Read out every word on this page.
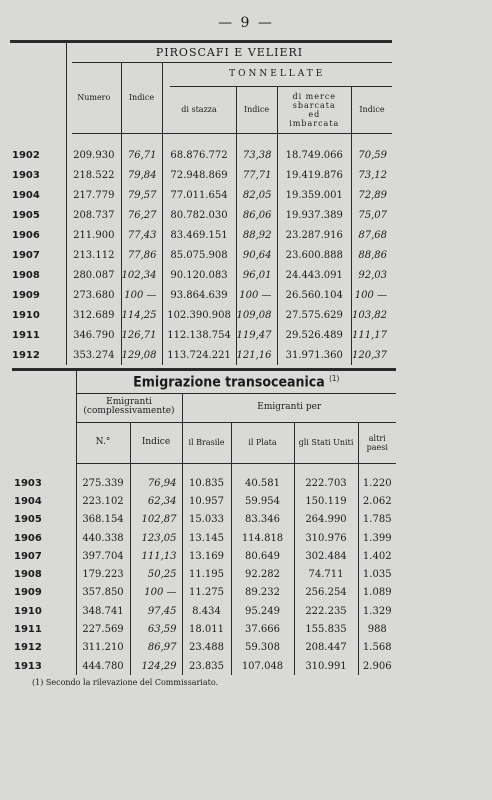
— 9 —
	PIROSCAFI E VELIERI					
	Numero	Indice	TONNELLATE			
			di stazza	Indice	di merce sbarcata ed imbarcata	Indice

1902	209.930	76,71	68.876.772	73,38	18.749.066	70,59
1903	218.522	79,84	72.948.869	77,71	19.419.876	73,12
1904	217.779	79,57	77.011.654	82,05	19.359.001	72,89
1905	208.737	76,27	80.782.030	86,06	19.937.389	75,07
1906	211.900	77,43	83.469.151	88,92	23.287.916	87,68
1907	213.112	77,86	85.075.908	90,64	23.600.888	88,86
1908	280.087	102,34	90.120.083	96,01	24.443.091	92,03
1909	273.680	100 —	93.864.639	100 —	26.560.104	100 —
1910	312.689	114,25	102.390.908	109,08	27.575.629	103,82
1911	346.790	126,71	112.138.754	119,47	29.526.489	111,17
1912	353.274	129,08	113.724.221	121,16	31.971.360	120,37
	Emigrazione transoceanica $^{(1)}$
	Emigranti (complessivamente)		Emigranti per			
	N.°	Indice	il Brasile	il Plata	gli Stati Uniti	altri paesi

1903	275.339	76,94	10.835	40.581	222.703	1.220
1904	223.102	62,34	10.957	59.954	150.119	2.062
1905	368.154	102,87	15.033	83.346	264.990	1.785
1906	440.338	123,05	13.145	114.818	310.976	1.399
1907	397.704	111,13	13.169	80.649	302.484	1.402
1908	179.223	50,25	11.195	92.282	74.711	1.035
1909	357.850	100 —	11.275	89.232	256.254	1.089
1910	348.741	97,45	8.434	95.249	222.235	1.329
1911	227.569	63,59	18.011	37.666	155.835	988
1912	311.210	86,97	23.488	59.308	208.447	1.568
1913	444.780	124,29	23.835	107.048	310.991	2.906
(1) Secondo la rilevazione del Commissariato.
